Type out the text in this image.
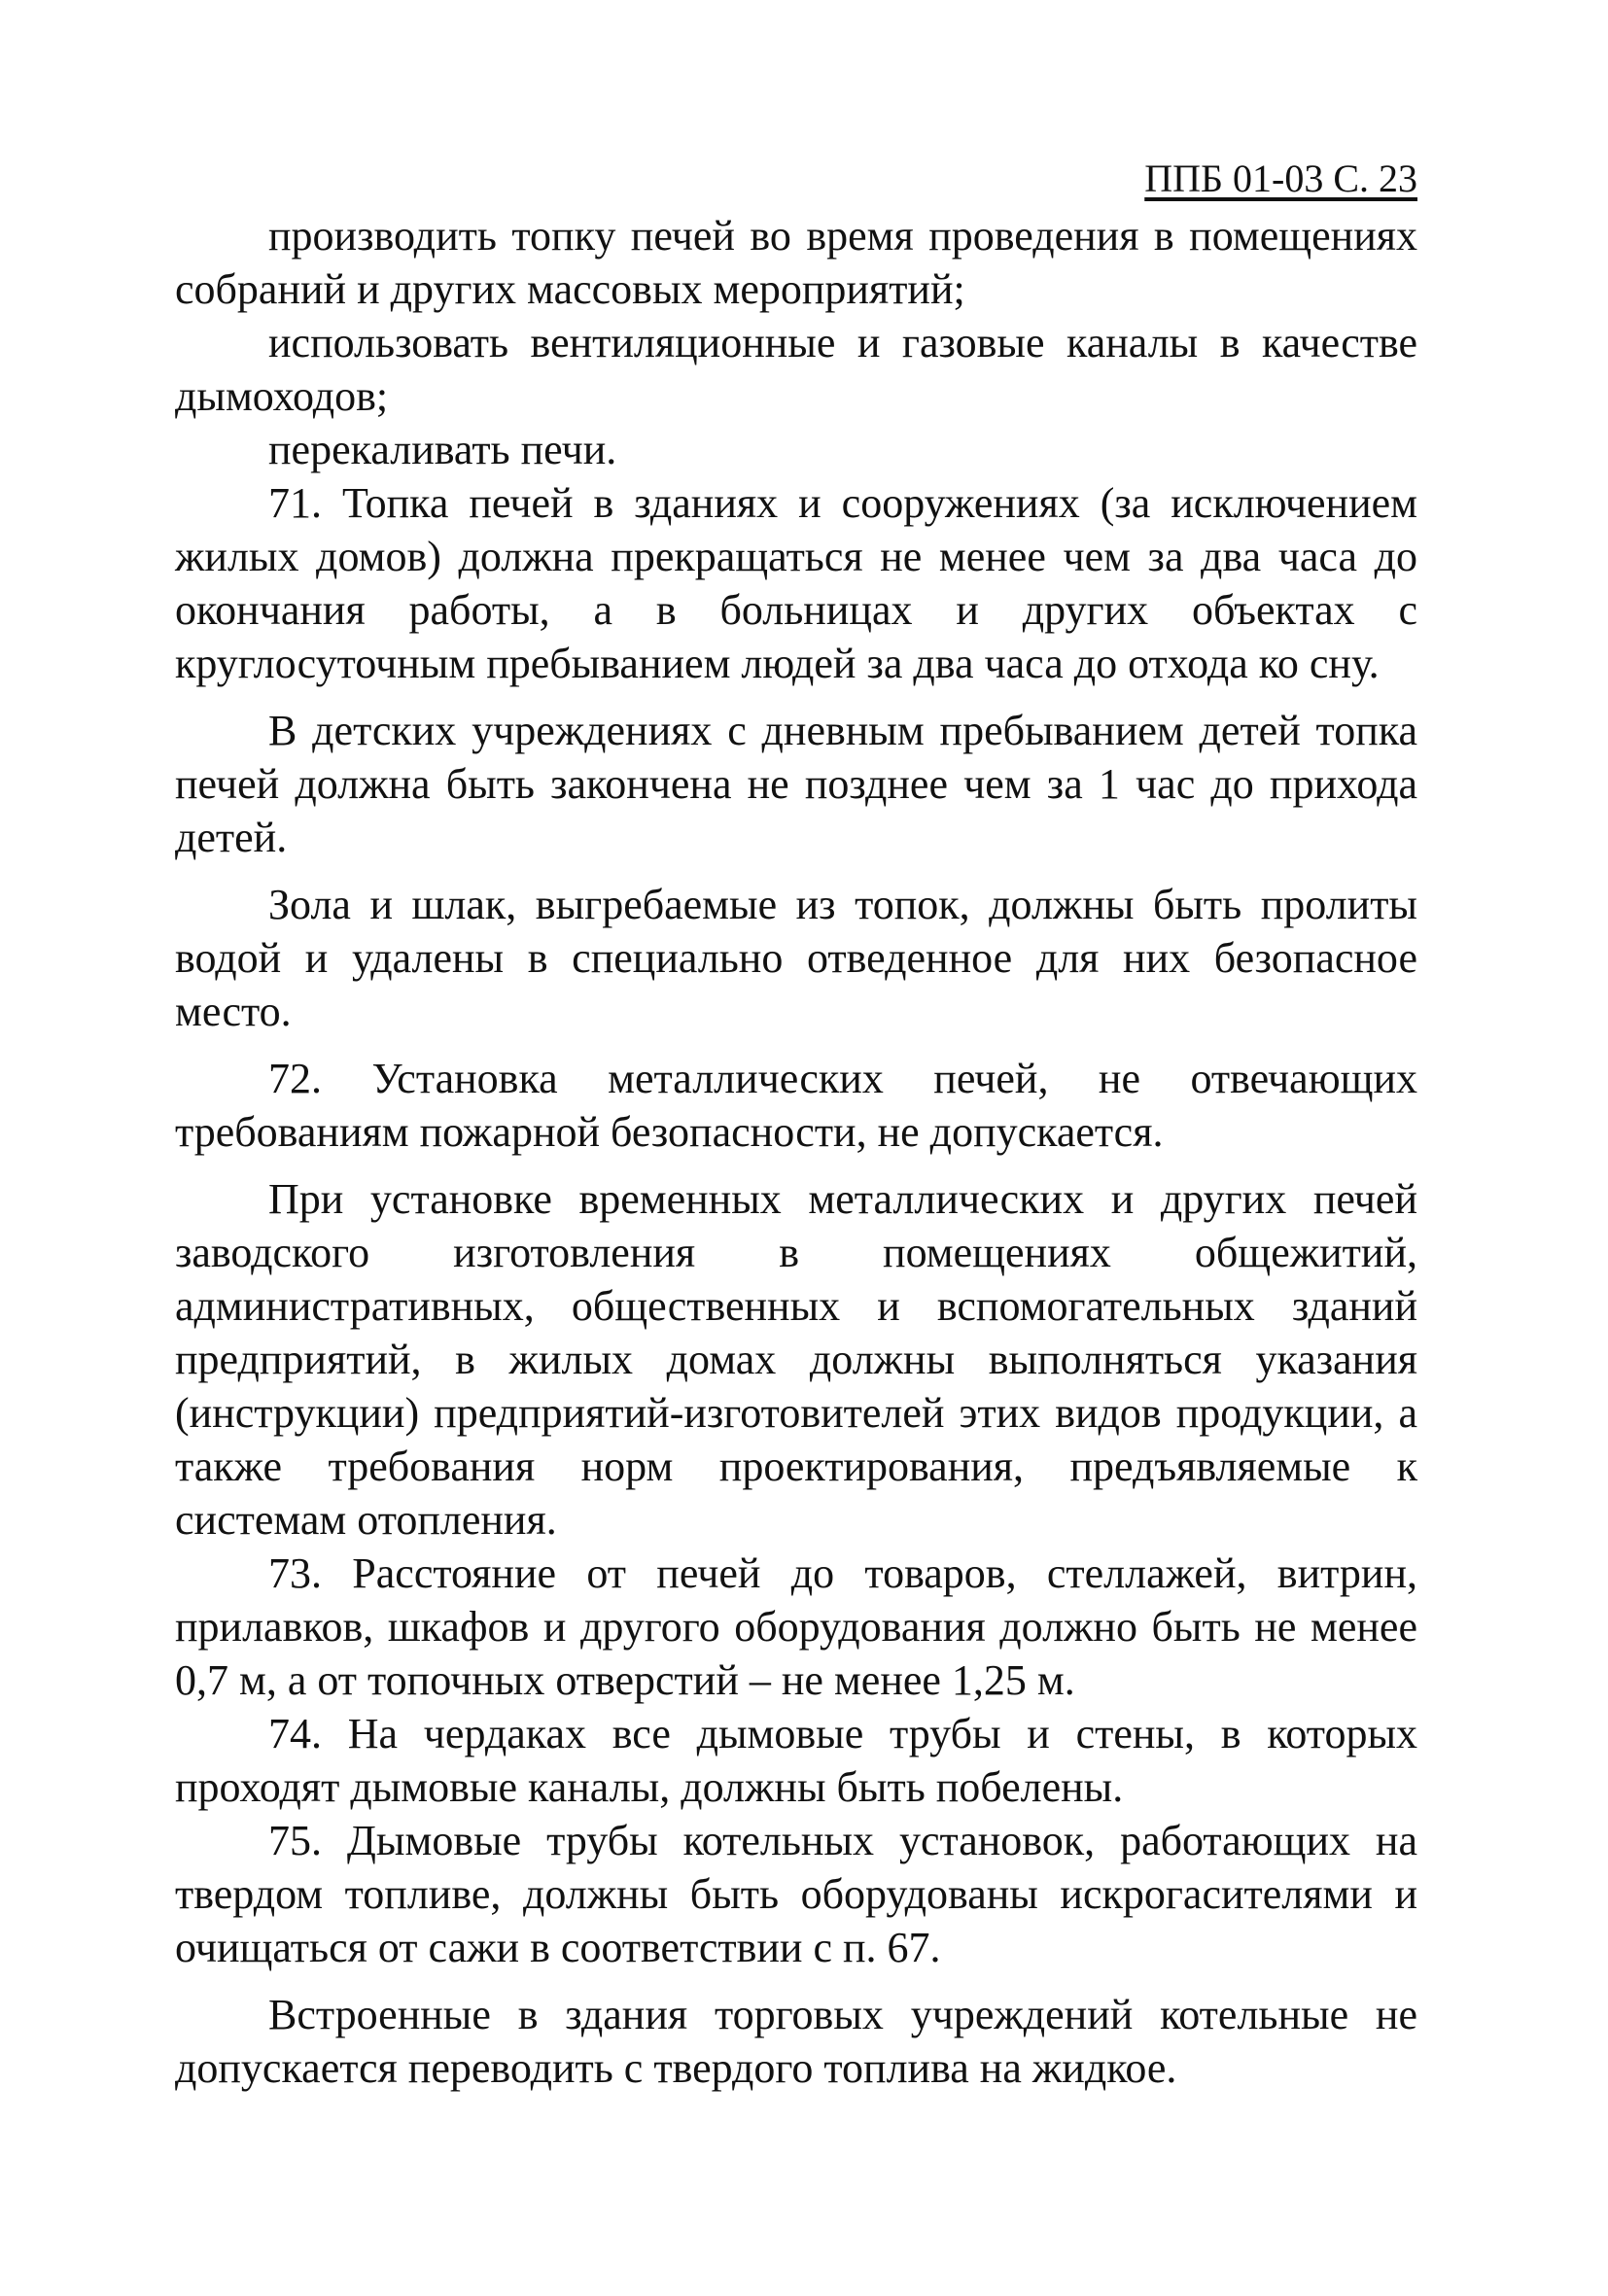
ППБ 01-03 С. 23

производить топку печей во время проведения в помещениях собраний и других массовых мероприятий;

использовать вентиляционные и газовые каналы в качестве дымоходов;

перекаливать печи.

71. Топка печей в зданиях и сооружениях (за исключением жилых домов) должна прекращаться не менее чем за два часа до окончания работы, а в больницах и других объектах с круглосуточным пребыванием людей за два часа до отхода ко сну.

В детских учреждениях с дневным пребыванием детей топка печей должна быть закончена не позднее чем за 1 час до прихода детей.

Зола и шлак, выгребаемые из топок, должны быть пролиты водой и удалены в специально отведенное для них безопасное место.

72. Установка металлических печей, не отвечающих требованиям пожарной безопасности, не допускается.

При установке временных металлических и других печей заводского изготовления в помещениях общежитий, административных, общественных и вспомогательных зданий предприятий, в жилых домах должны выполняться указания (инструкции) предприятий-изготовителей этих видов продукции, а также требования норм проектирования, предъявляемые к системам отопления.

73. Расстояние от печей до товаров, стеллажей, витрин, прилавков, шкафов и другого оборудования должно быть не менее 0,7 м, а от топочных отверстий – не менее 1,25 м.

74. На чердаках все дымовые трубы и стены, в которых проходят дымовые каналы, должны быть побелены.

75. Дымовые трубы котельных установок, работающих на твердом топливе, должны быть оборудованы искрогасителями и очищаться от сажи в соответствии с п. 67.

Встроенные в здания торговых учреждений котельные не допускается переводить с твердого топлива на жидкое.
